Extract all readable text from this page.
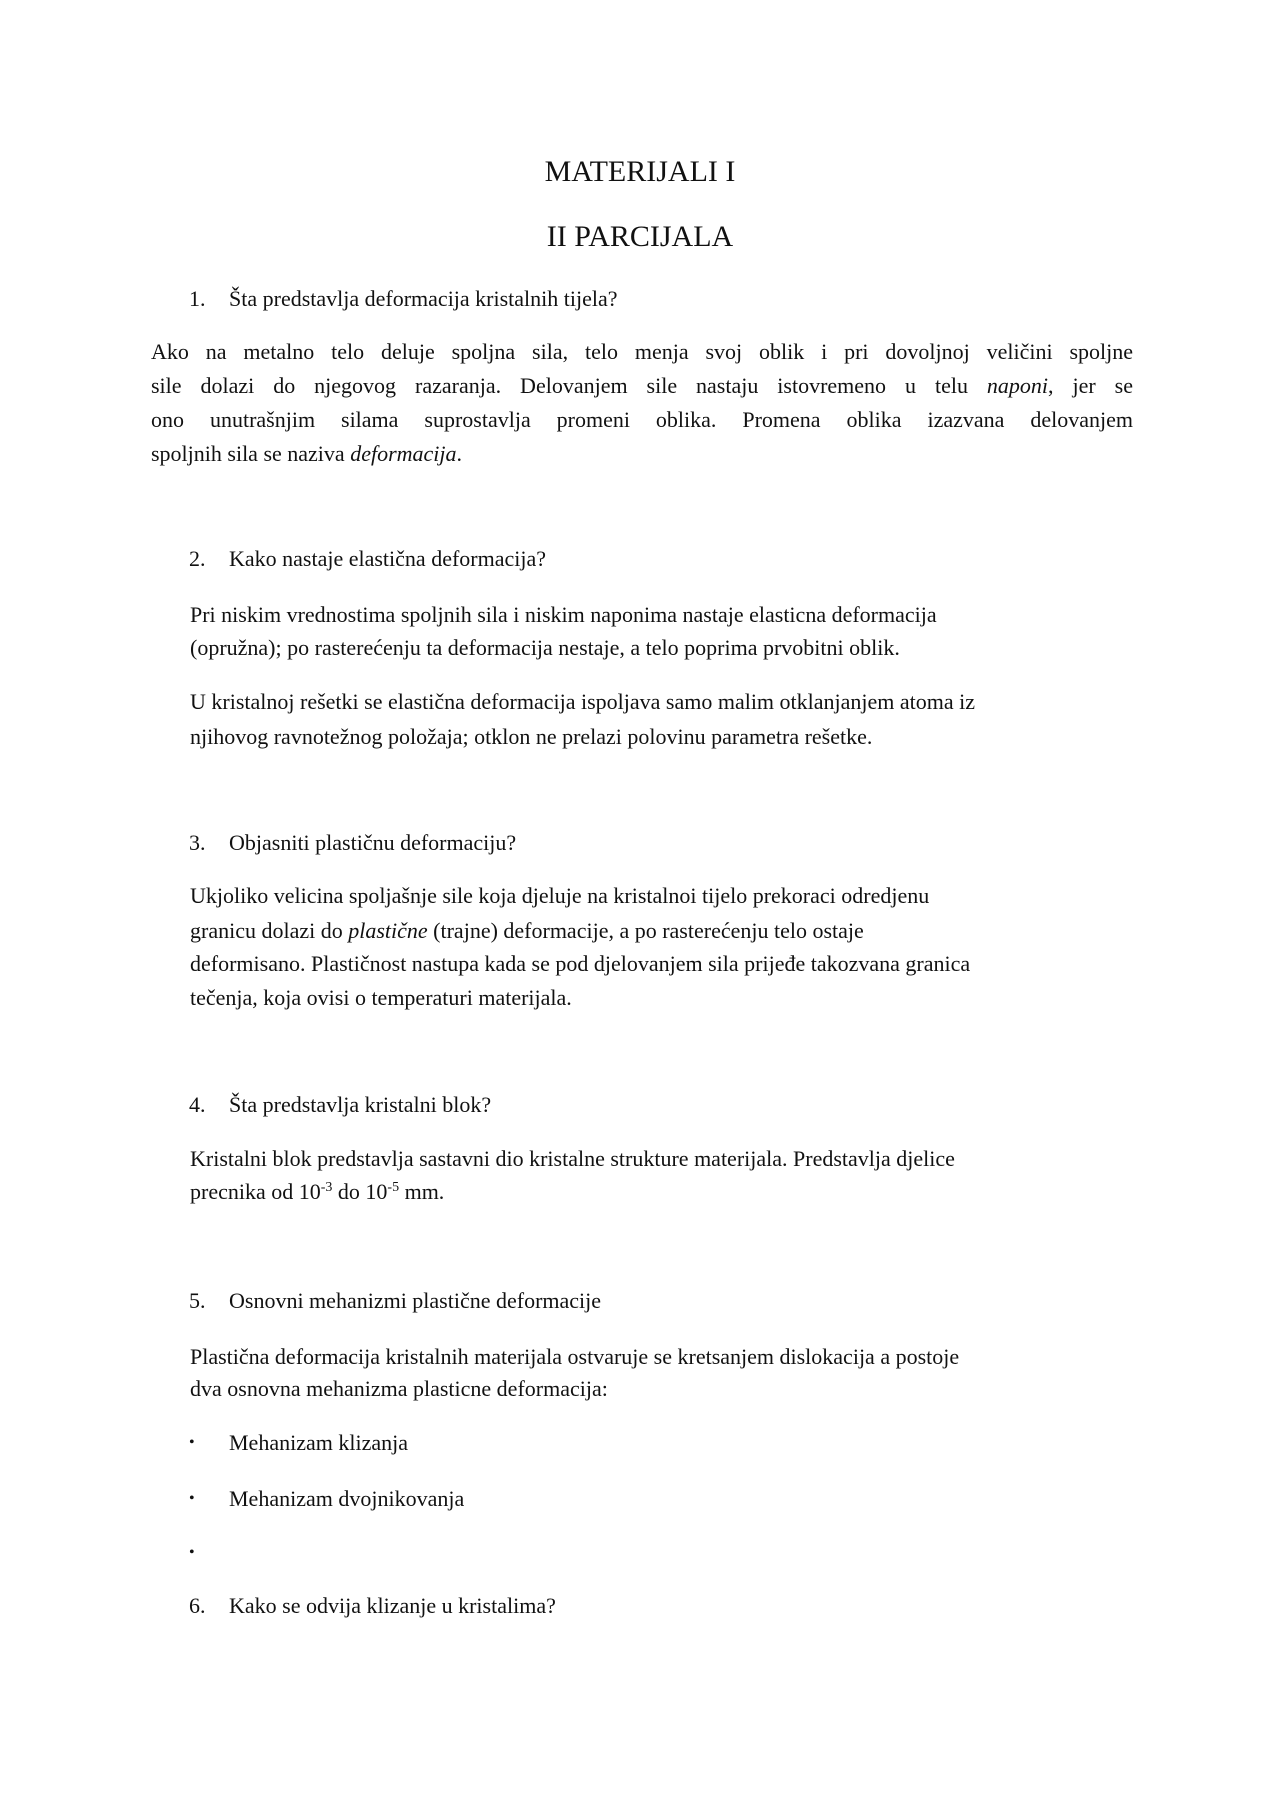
MATERIJALI I
II PARCIJALA
1. Šta predstavlja deformacija kristalnih tijela?
Ako na metalno telo deluje spoljna sila, telo menja svoj oblik i pri dovoljnoj veličini spoljne
sile dolazi do njegovog razaranja. Delovanjem sile nastaju istovremeno u telu naponi, jer se
ono unutrašnjim silama suprostavlja promeni oblika. Promena oblika izazvana delovanjem
spoljnih sila se naziva deformacija.
2. Kako nastaje elastična deformacija?
Pri niskim vrednostima spoljnih sila i niskim naponima nastaje elasticna deformacija
(opružna); po rasterećenju ta deformacija nestaje, a telo poprima prvobitni oblik.
U kristalnoj rešetki se elastična deformacija ispoljava samo malim otklanjanjem atoma iz
njihovog ravnotežnog položaja; otklon ne prelazi polovinu parametra rešetke.
3. Objasniti plastičnu deformaciju?
Ukjoliko velicina spoljašnje sile koja djeluje na kristalnoi tijelo prekoraci odredjenu
granicu dolazi do plastične (trajne) deformacije, a po rasterećenju telo ostaje
deformisano. Plastičnost nastupa kada se pod djelovanjem sila prijeđe takozvana granica
tečenja, koja ovisi o temperaturi materijala.
4. Šta predstavlja kristalni blok?
Kristalni blok predstavlja sastavni dio kristalne strukture materijala. Predstavlja djelice
precnika od $10^{-3}$ do $10^{-5}$ mm.
5. Osnovni mehanizmi plastične deformacije
Plastična deformacija kristalnih materijala ostvaruje se kretsanjem dislokacija a postoje
dva osnovna mehanizma plasticne deformacija:
• Mehanizam klizanja
• Mehanizam dvojnikovanja
•
6. Kako se odvija klizanje u kristalima?
